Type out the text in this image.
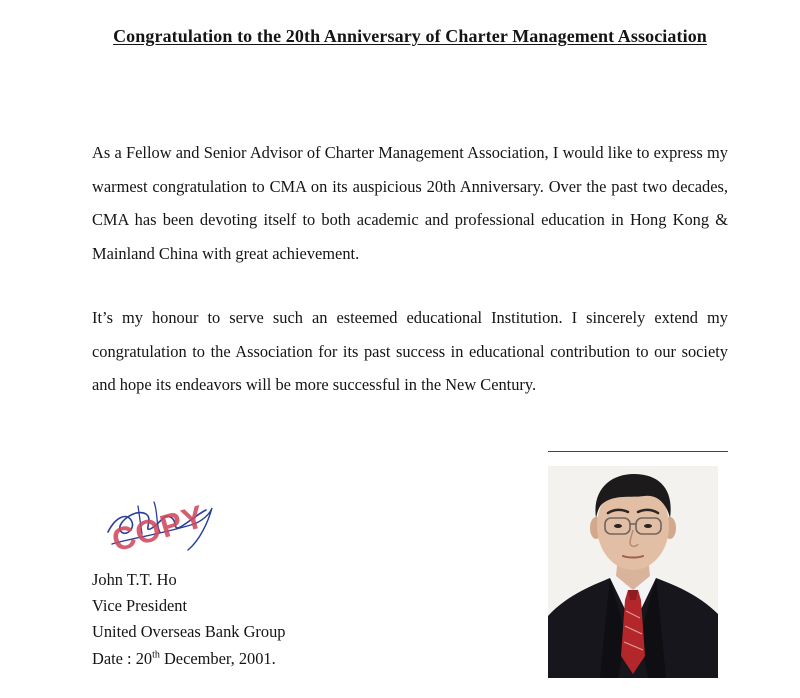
Congratulation to the 20th Anniversary of Charter Management Association
As a Fellow and Senior Advisor of Charter Management Association, I would like to express my warmest congratulation to CMA on its auspicious 20th Anniversary. Over the past two decades, CMA has been devoting itself to both academic and professional education in Hong Kong & Mainland China with great achievement.
It’s my honour to serve such an esteemed educational Institution. I sincerely extend my congratulation to the Association for its past success in educational contribution to our society and hope its endeavors will be more successful in the New Century.
COPY
John T.T. Ho
Vice President
United Overseas Bank Group
Date : 20th December, 2001.
